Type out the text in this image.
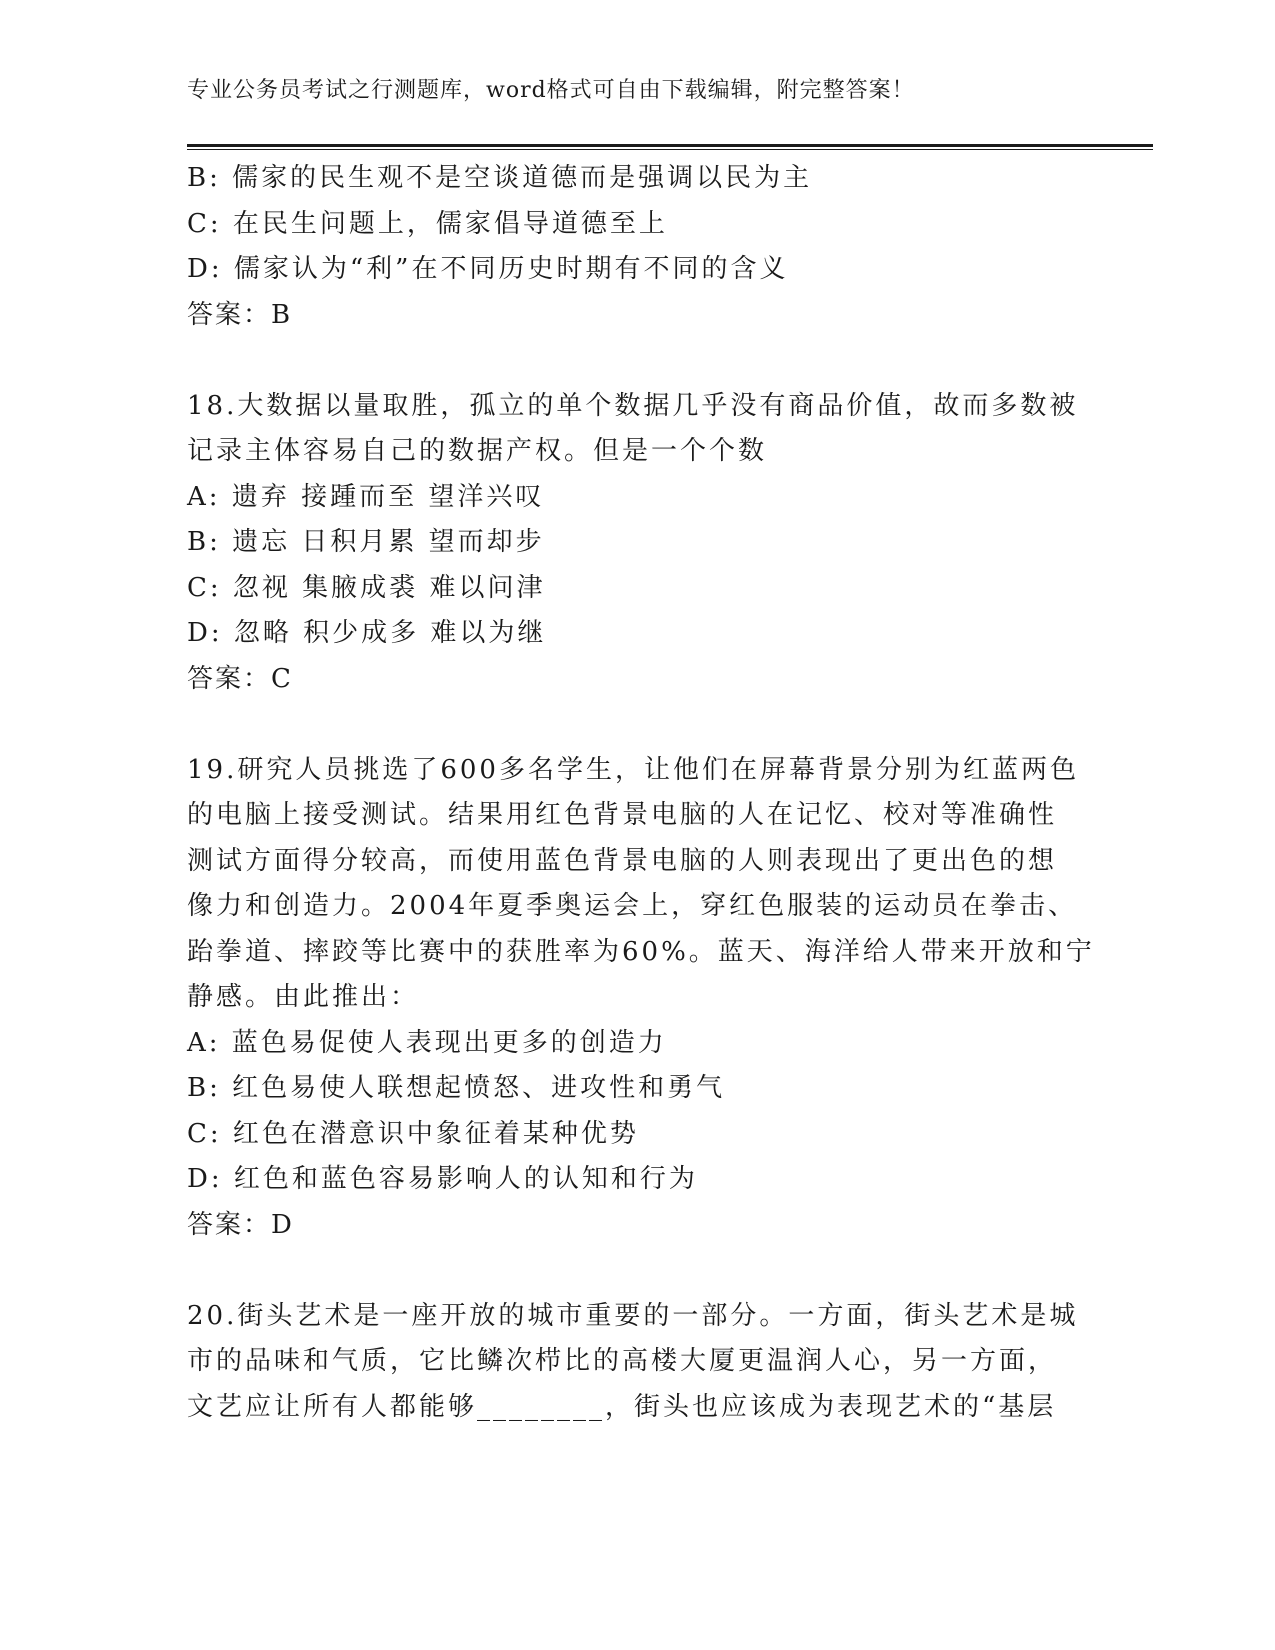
专业公务员考试之行测题库，word格式可自由下载编辑，附完整答案！

B: 儒家的民生观不是空谈道德而是强调以民为主

C: 在民生问题上，儒家倡导道德至上

D: 儒家认为“利”在不同历史时期有不同的含义

答案：B

18.大数据以量取胜，孤立的单个数据几乎没有商品价值，故而多数被

记录主体容易自己的数据产权。但是一个个数

A: 遗弃 接踵而至 望洋兴叹

B: 遗忘 日积月累 望而却步

C: 忽视 集腋成裘 难以问津

D: 忽略 积少成多 难以为继

答案：C

19.研究人员挑选了600多名学生，让他们在屏幕背景分别为红蓝两色

的电脑上接受测试。结果用红色背景电脑的人在记忆、校对等准确性

测试方面得分较高，而使用蓝色背景电脑的人则表现出了更出色的想

像力和创造力。2004年夏季奥运会上，穿红色服装的运动员在拳击、

跆拳道、摔跤等比赛中的获胜率为60%。蓝天、海洋给人带来开放和宁

静感。由此推出：

A: 蓝色易促使人表现出更多的创造力

B: 红色易使人联想起愤怒、进攻性和勇气

C: 红色在潜意识中象征着某种优势

D: 红色和蓝色容易影响人的认知和行为

答案：D

20.街头艺术是一座开放的城市重要的一部分。一方面，街头艺术是城

市的品味和气质，它比鳞次栉比的高楼大厦更温润人心，另一方面，

文艺应让所有人都能够________，街头也应该成为表现艺术的“基层
